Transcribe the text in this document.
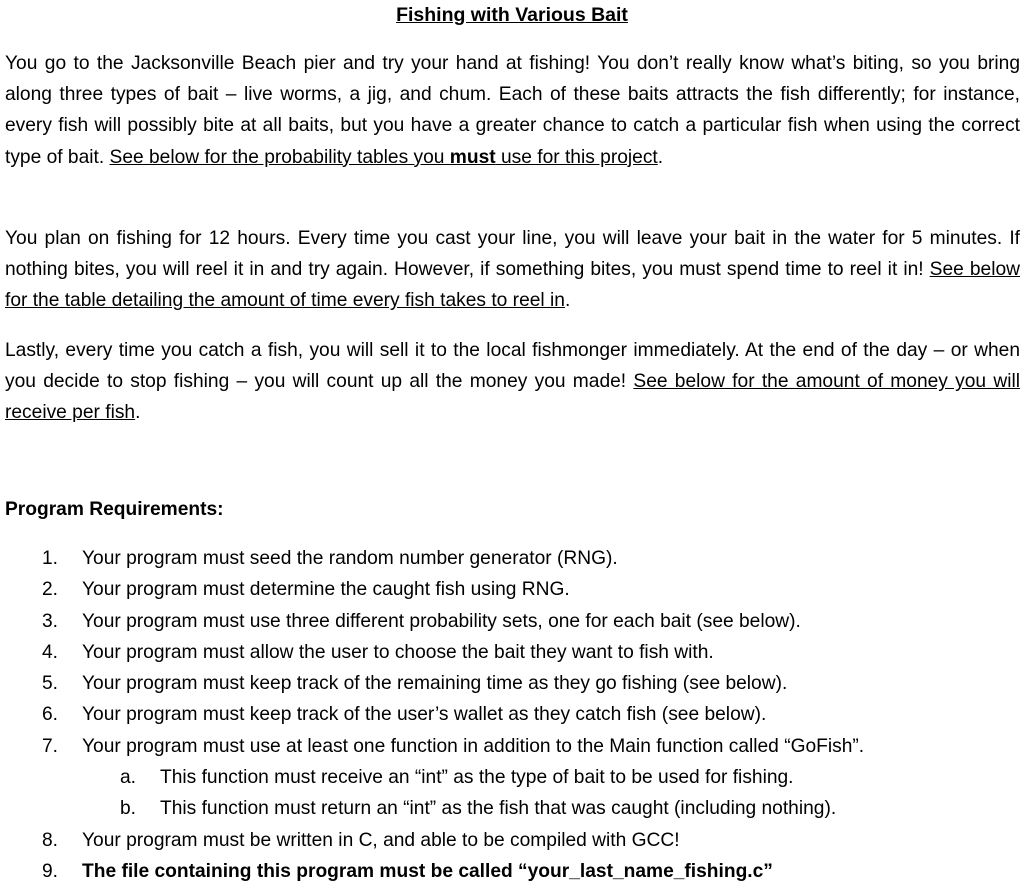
Fishing with Various Bait

You go to the Jacksonville Beach pier and try your hand at fishing! You don’t really know what’s biting, so you bring along three types of bait – live worms, a jig, and chum. Each of these baits attracts the fish differently; for instance, every fish will possibly bite at all baits, but you have a greater chance to catch a particular fish when using the correct type of bait. See below for the probability tables you must use for this project.

You plan on fishing for 12 hours. Every time you cast your line, you will leave your bait in the water for 5 minutes. If nothing bites, you will reel it in and try again. However, if something bites, you must spend time to reel it in! See below for the table detailing the amount of time every fish takes to reel in.

Lastly, every time you catch a fish, you will sell it to the local fishmonger immediately. At the end of the day – or when you decide to stop fishing – you will count up all the money you made! See below for the amount of money you will receive per fish.

Program Requirements:
1.	Your program must seed the random number generator (RNG).
2.	Your program must determine the caught fish using RNG.
3.	Your program must use three different probability sets, one for each bait (see below).
4.	Your program must allow the user to choose the bait they want to fish with.
5.	Your program must keep track of the remaining time as they go fishing (see below).
6.	Your program must keep track of the user’s wallet as they catch fish (see below).
7.	Your program must use at least one function in addition to the Main function called “GoFish”.
a.	This function must receive an “int” as the type of bait to be used for fishing.
b.	This function must return an “int” as the fish that was caught (including nothing).
8.	Your program must be written in C, and able to be compiled with GCC!
9.	The file containing this program must be called “your_last_name_fishing.c”
